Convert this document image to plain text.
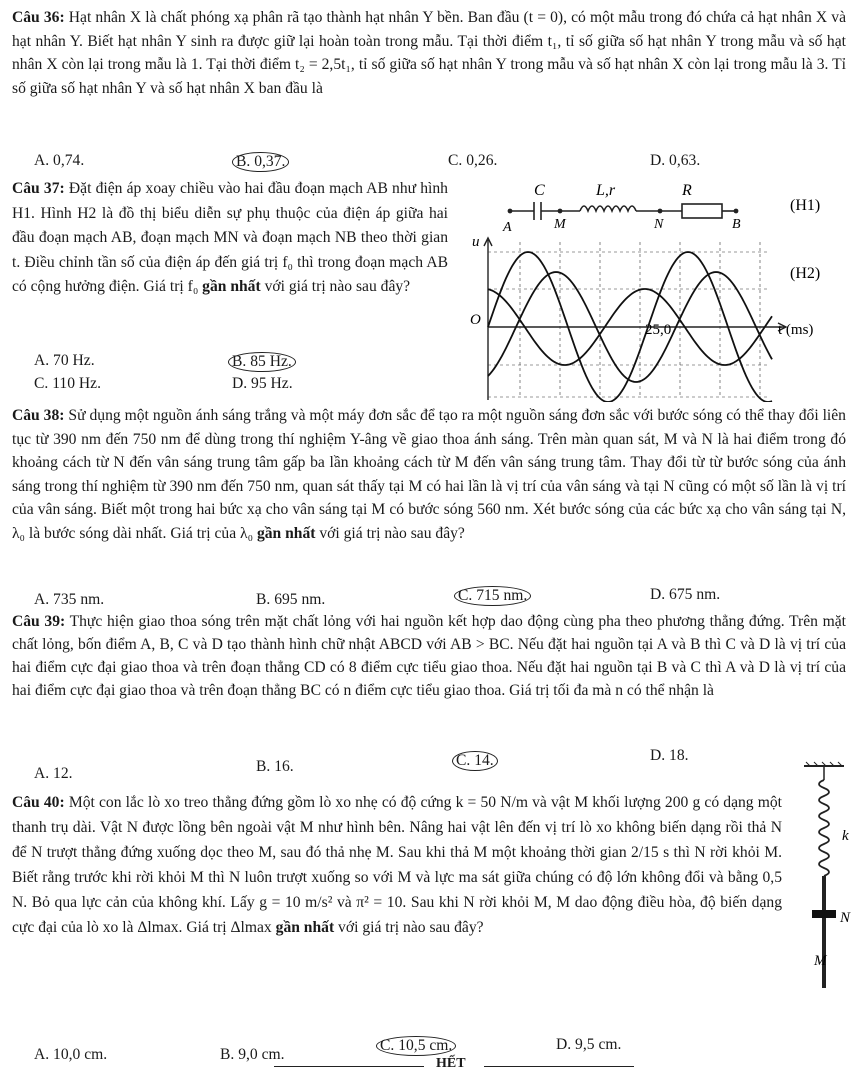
Câu 36: Hạt nhân X là chất phóng xạ phân rã tạo thành hạt nhân Y bền. Ban đầu (t = 0), có một mẫu trong đó chứa cả hạt nhân X và hạt nhân Y. Biết hạt nhân Y sinh ra được giữ lại hoàn toàn trong mẫu. Tại thời điểm t₁, tỉ số giữa số hạt nhân Y trong mẫu và số hạt nhân X còn lại trong mẫu là 1. Tại thời điểm t₂ = 2,5t₁, tỉ số giữa số hạt nhân Y trong mẫu và số hạt nhân X còn lại trong mẫu là 3. Tỉ số giữa số hạt nhân Y và số hạt nhân X ban đầu là
A. 0,74.	B. 0,37.	C. 0,26.	D. 0,63.
Câu 37: Đặt điện áp xoay chiều vào hai đầu đoạn mạch AB như hình H1. Hình H2 là đồ thị biểu diễn sự phụ thuộc của điện áp giữa hai đầu đoạn mạch AB, đoạn mạch MN và đoạn mạch NB theo thời gian t. Điều chỉnh tần số của điện áp đến giá trị f₀ thì trong đoạn mạch AB có cộng hưởng điện. Giá trị f₀ gần nhất với giá trị nào sau đây?
A. 70 Hz.	B. 85 Hz.
C. 110 Hz.	D. 95 Hz.
C	L,r	R
A	M	N	B
(H1)
u
O
25,0	t (ms)
(H2)
Câu 38: Sử dụng một nguồn ánh sáng trắng và một máy đơn sắc để tạo ra một nguồn sáng đơn sắc với bước sóng có thể thay đổi liên tục từ 390 nm đến 750 nm để dùng trong thí nghiệm Y-âng về giao thoa ánh sáng. Trên màn quan sát, M và N là hai điểm trong đó khoảng cách từ N đến vân sáng trung tâm gấp ba lần khoảng cách từ M đến vân sáng trung tâm. Thay đổi từ từ bước sóng của ánh sáng trong thí nghiệm từ 390 nm đến 750 nm, quan sát thấy tại M có hai lần là vị trí của vân sáng và tại N cũng có một số lần là vị trí của vân sáng. Biết một trong hai bức xạ cho vân sáng tại M có bước sóng 560 nm. Xét bước sóng của các bức xạ cho vân sáng tại N, λ₀ là bước sóng dài nhất. Giá trị của λ₀ gần nhất với giá trị nào sau đây?
A. 735 nm.	B. 695 nm.	C. 715 nm.	D. 675 nm.
Câu 39: Thực hiện giao thoa sóng trên mặt chất lỏng với hai nguồn kết hợp dao động cùng pha theo phương thẳng đứng. Trên mặt chất lỏng, bốn điểm A, B, C và D tạo thành hình chữ nhật ABCD với AB > BC. Nếu đặt hai nguồn tại A và B thì C và D là vị trí của hai điểm cực đại giao thoa và trên đoạn thẳng CD có 8 điểm cực tiểu giao thoa. Nếu đặt hai nguồn tại B và C thì A và D là vị trí của hai điểm cực đại giao thoa và trên đoạn thẳng BC có n điểm cực tiểu giao thoa. Giá trị tối đa mà n có thể nhận là
A. 12.	B. 16.	C. 14.	D. 18.
Câu 40: Một con lắc lò xo treo thẳng đứng gồm lò xo nhẹ có độ cứng k = 50 N/m và vật M khối lượng 200 g có dạng một thanh trụ dài. Vật N được lồng bên ngoài vật M như hình bên. Nâng hai vật lên đến vị trí lò xo không biến dạng rồi thả N để N trượt thẳng đứng xuống dọc theo M, sau đó thả nhẹ M. Sau khi thả M một khoảng thời gian 2/15 s thì N rời khỏi M. Biết rằng trước khi rời khỏi M thì N luôn trượt xuống so với M và lực ma sát giữa chúng có độ lớn không đổi và bằng 0,5 N. Bỏ qua lực cản của không khí. Lấy g = 10 m/s² và π² = 10. Sau khi N rời khỏi M, M dao động điều hòa, độ biến dạng cực đại của lò xo là Δlmax. Giá trị Δlmax gần nhất với giá trị nào sau đây?
A. 10,0 cm.	B. 9,0 cm.
C. 10,5 cm.	D. 9,5 cm.
k
N
M
HẾT
